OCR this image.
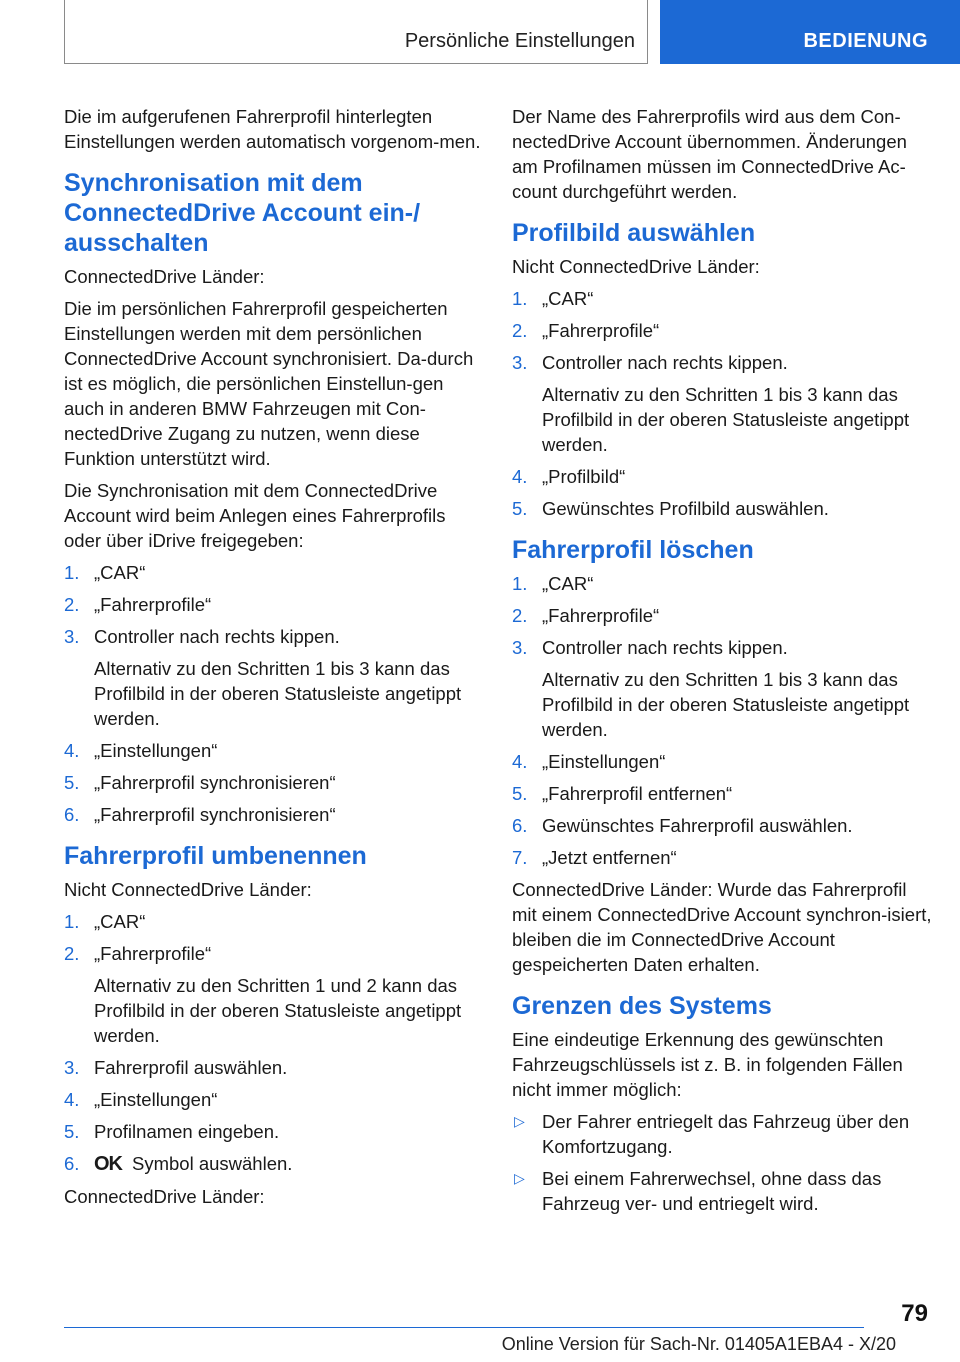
Persönliche Einstellungen	BEDIENUNG

Die im aufgerufenen Fahrerprofil hinterlegten Einstellungen werden automatisch vorgenom-men.

Synchronisation mit dem ConnectedDrive Account ein-/ ausschalten

ConnectedDrive Länder:

Die im persönlichen Fahrerprofil gespeicherten Einstellungen werden mit dem persönlichen ConnectedDrive Account synchronisiert. Da-durch ist es möglich, die persönlichen Einstellun-gen auch in anderen BMW Fahrzeugen mit Con-nectedDrive Zugang zu nutzen, wenn diese Funktion unterstützt wird.

Die Synchronisation mit dem ConnectedDrive Account wird beim Anlegen eines Fahrerprofils oder über iDrive freigegeben:

1. „CAR“
2. „Fahrerprofile“
3. Controller nach rechts kippen.
Alternativ zu den Schritten 1 bis 3 kann das Profilbild in der oberen Statusleiste angetippt werden.
4. „Einstellungen“
5. „Fahrerprofil synchronisieren“
6. „Fahrerprofil synchronisieren“
Fahrerprofil umbenennen

Nicht ConnectedDrive Länder:

1. „CAR“
2. „Fahrerprofile“
Alternativ zu den Schritten 1 und 2 kann das Profilbild in der oberen Statusleiste angetippt werden.
3. Fahrerprofil auswählen.
4. „Einstellungen“
5. Profilnamen eingeben.
6. OK Symbol auswählen.

ConnectedDrive Länder:

Der Name des Fahrerprofils wird aus dem Con-nectedDrive Account übernommen. Änderungen am Profilnamen müssen im ConnectedDrive Ac-count durchgeführt werden.

Profilbild auswählen

Nicht ConnectedDrive Länder:

1. „CAR“
2. „Fahrerprofile“
3. Controller nach rechts kippen.
Alternativ zu den Schritten 1 bis 3 kann das Profilbild in der oberen Statusleiste angetippt werden.
4. „Profilbild“
5. Gewünschtes Profilbild auswählen.
Fahrerprofil löschen
1. „CAR“
2. „Fahrerprofile“
3. Controller nach rechts kippen.
Alternativ zu den Schritten 1 bis 3 kann das Profilbild in der oberen Statusleiste angetippt werden.
4. „Einstellungen“
5. „Fahrerprofil entfernen“
6. Gewünschtes Fahrerprofil auswählen.
7. „Jetzt entfernen“

ConnectedDrive Länder: Wurde das Fahrerprofil mit einem ConnectedDrive Account synchron-isiert, bleiben die im ConnectedDrive Account gespeicherten Daten erhalten.

Grenzen des Systems

Eine eindeutige Erkennung des gewünschten Fahrzeugschlüssels ist z. B. in folgenden Fällen nicht immer möglich:

▷ Der Fahrer entriegelt das Fahrzeug über den Komfortzugang.
▷ Bei einem Fahrerwechsel, ohne dass das Fahrzeug ver- und entriegelt wird.
79
Online Version für Sach-Nr. 01405A1EBA4 - X/20
